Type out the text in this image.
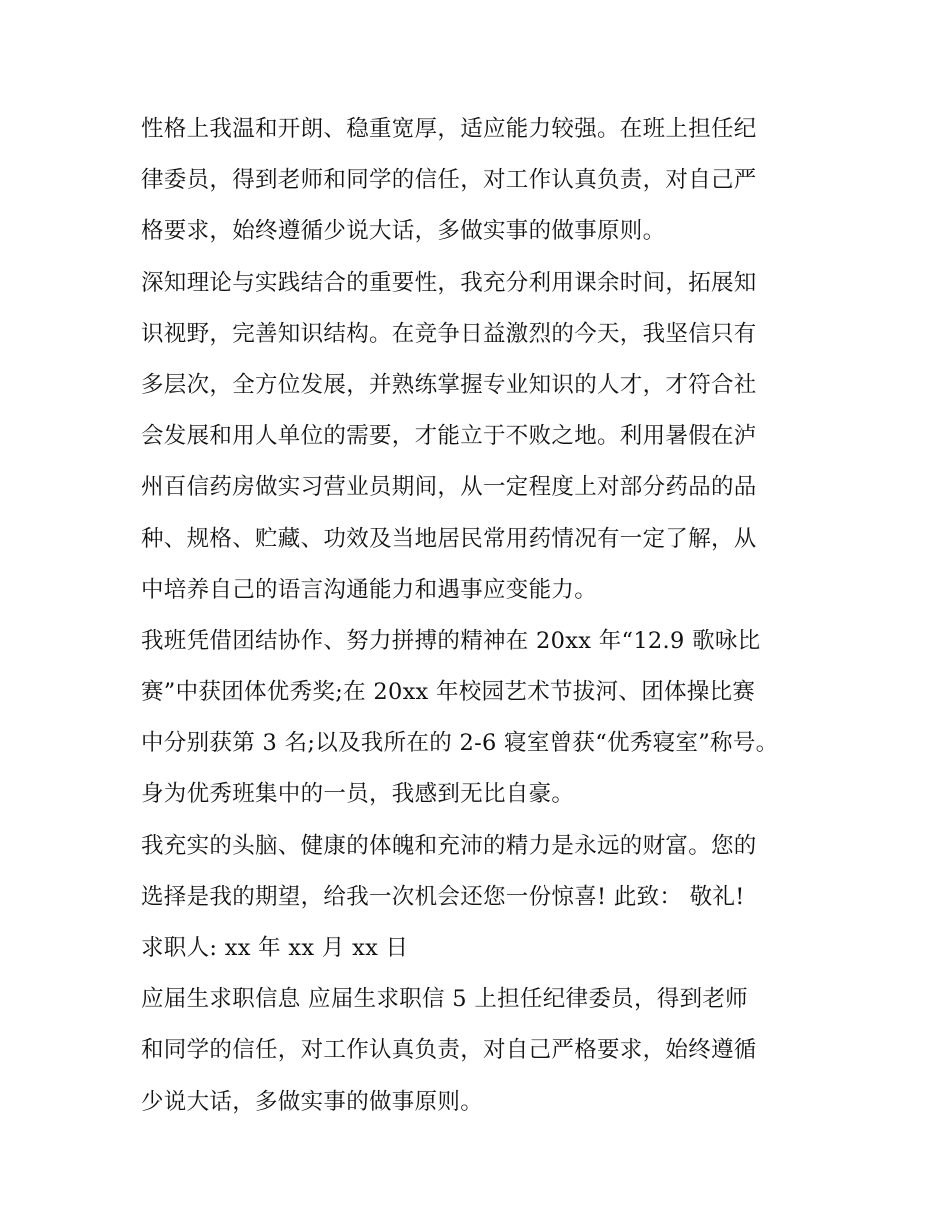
性格上我温和开朗、稳重宽厚，适应能力较强。在班上担任纪
律委员，得到老师和同学的信任，对工作认真负责，对自己严
格要求，始终遵循少说大话，多做实事的做事原则。
深知理论与实践结合的重要性，我充分利用课余时间，拓展知
识视野，完善知识结构。在竞争日益激烈的今天，我坚信只有
多层次，全方位发展，并熟练掌握专业知识的人才，才符合社
会发展和用人单位的需要，才能立于不败之地。利用暑假在泸
州百信药房做实习营业员期间，从一定程度上对部分药品的品
种、规格、贮藏、功效及当地居民常用药情况有一定了解，从
中培养自己的语言沟通能力和遇事应变能力。
我班凭借团结协作、努力拼搏的精神在 20xx 年“12.9 歌咏比
赛”中获团体优秀奖;在 20xx 年校园艺术节拔河、团体操比赛
中分别获第 3 名;以及我所在的 2-6 寝室曾获“优秀寝室”称号。
身为优秀班集中的一员，我感到无比自豪。
我充实的头脑、健康的体魄和充沛的精力是永远的财富。您的
选择是我的期望，给我一次机会还您一份惊喜! 此致： 敬礼!
求职人: xx 年 xx 月 xx 日
应届生求职信息 应届生求职信 5 上担任纪律委员，得到老师
和同学的信任，对工作认真负责，对自己严格要求，始终遵循
少说大话，多做实事的做事原则。
